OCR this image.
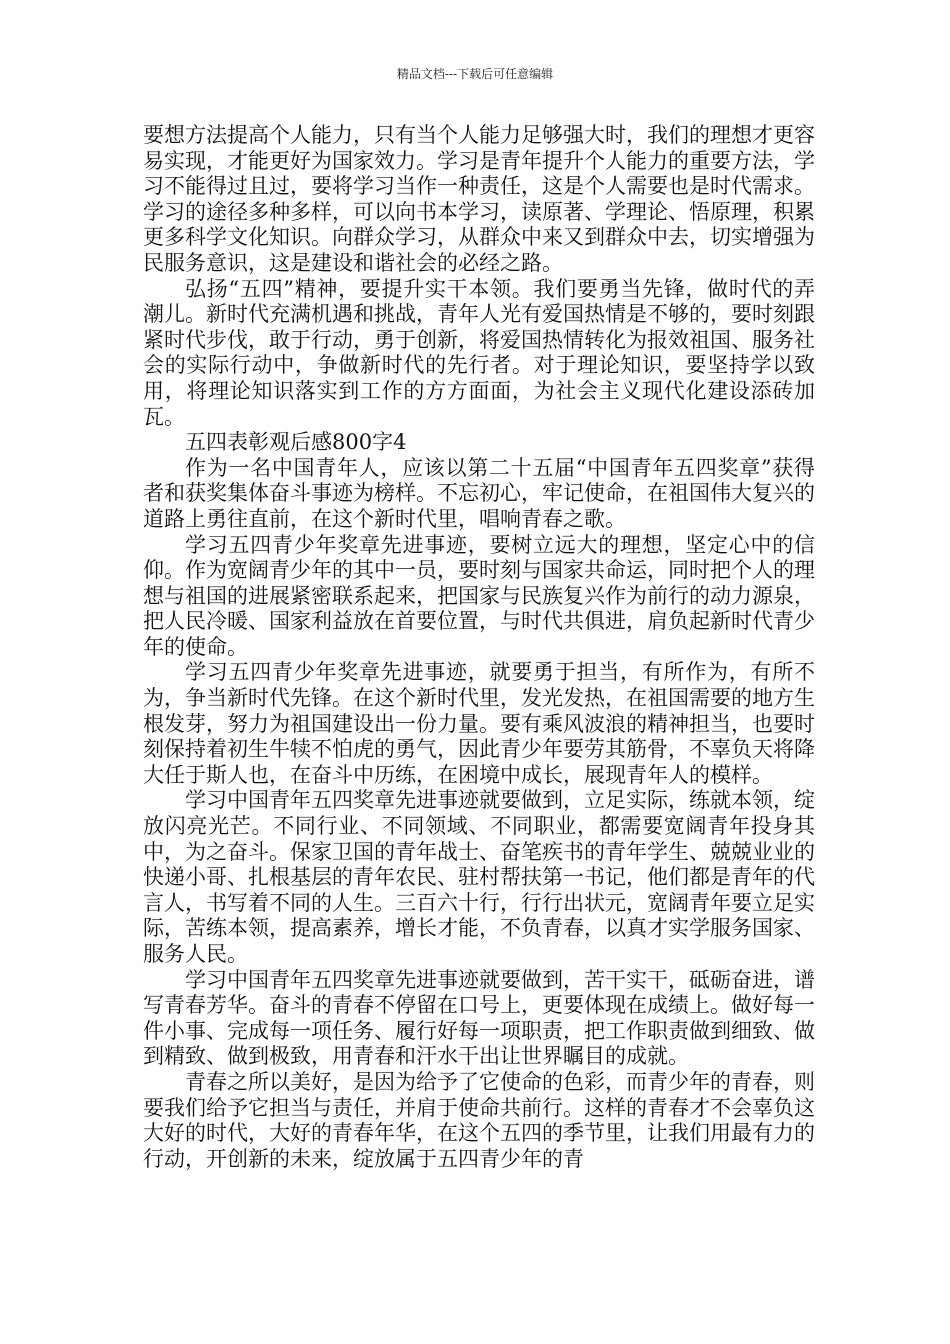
精品文档---下载后可任意编辑

要想方法提高个人能力，只有当个人能力足够强大时，我们的理想才更容易实现，才能更好为国家效力。学习是青年提升个人能力的重要方法，学习不能得过且过，要将学习当作一种责任，这是个人需要也是时代需求。学习的途径多种多样，可以向书本学习，读原著、学理论、悟原理，积累更多科学文化知识。向群众学习，从群众中来又到群众中去，切实增强为民服务意识，这是建设和谐社会的必经之路。

弘扬“五四”精神，要提升实干本领。我们要勇当先锋，做时代的弄潮儿。新时代充满机遇和挑战，青年人光有爱国热情是不够的，要时刻跟紧时代步伐，敢于行动，勇于创新，将爱国热情转化为报效祖国、服务社会的实际行动中，争做新时代的先行者。对于理论知识，要坚持学以致用，将理论知识落实到工作的方方面面，为社会主义现代化建设添砖加瓦。

五四表彰观后感800字4

作为一名中国青年人，应该以第二十五届“中国青年五四奖章”获得者和获奖集体奋斗事迹为榜样。不忘初心，牢记使命，在祖国伟大复兴的道路上勇往直前，在这个新时代里，唱响青春之歌。

学习五四青少年奖章先进事迹，要树立远大的理想，坚定心中的信仰。作为宽阔青少年的其中一员，要时刻与国家共命运，同时把个人的理想与祖国的进展紧密联系起来，把国家与民族复兴作为前行的动力源泉，把人民冷暖、国家利益放在首要位置，与时代共俱进，肩负起新时代青少年的使命。

学习五四青少年奖章先进事迹，就要勇于担当，有所作为，有所不为，争当新时代先锋。在这个新时代里，发光发热，在祖国需要的地方生根发芽，努力为祖国建设出一份力量。要有乘风波浪的精神担当，也要时刻保持着初生牛犊不怕虎的勇气，因此青少年要劳其筋骨，不辜负天将降大任于斯人也，在奋斗中历练，在困境中成长，展现青年人的模样。

学习中国青年五四奖章先进事迹就要做到，立足实际，练就本领，绽放闪亮光芒。不同行业、不同领域、不同职业，都需要宽阔青年投身其中，为之奋斗。保家卫国的青年战士、奋笔疾书的青年学生、兢兢业业的快递小哥、扎根基层的青年农民、驻村帮扶第一书记，他们都是青年的代言人，书写着不同的人生。三百六十行，行行出状元，宽阔青年要立足实际，苦练本领，提高素养，增长才能，不负青春，以真才实学服务国家、服务人民。

学习中国青年五四奖章先进事迹就要做到，苦干实干，砥砺奋进，谱写青春芳华。奋斗的青春不停留在口号上，更要体现在成绩上。做好每一件小事、完成每一项任务、履行好每一项职责，把工作职责做到细致、做到精致、做到极致，用青春和汗水干出让世界瞩目的成就。

青春之所以美好，是因为给予了它使命的色彩，而青少年的青春，则要我们给予它担当与责任，并肩于使命共前行。这样的青春才不会辜负这大好的时代，大好的青春年华，在这个五四的季节里，让我们用最有力的行动，开创新的未来，绽放属于五四青少年的青
